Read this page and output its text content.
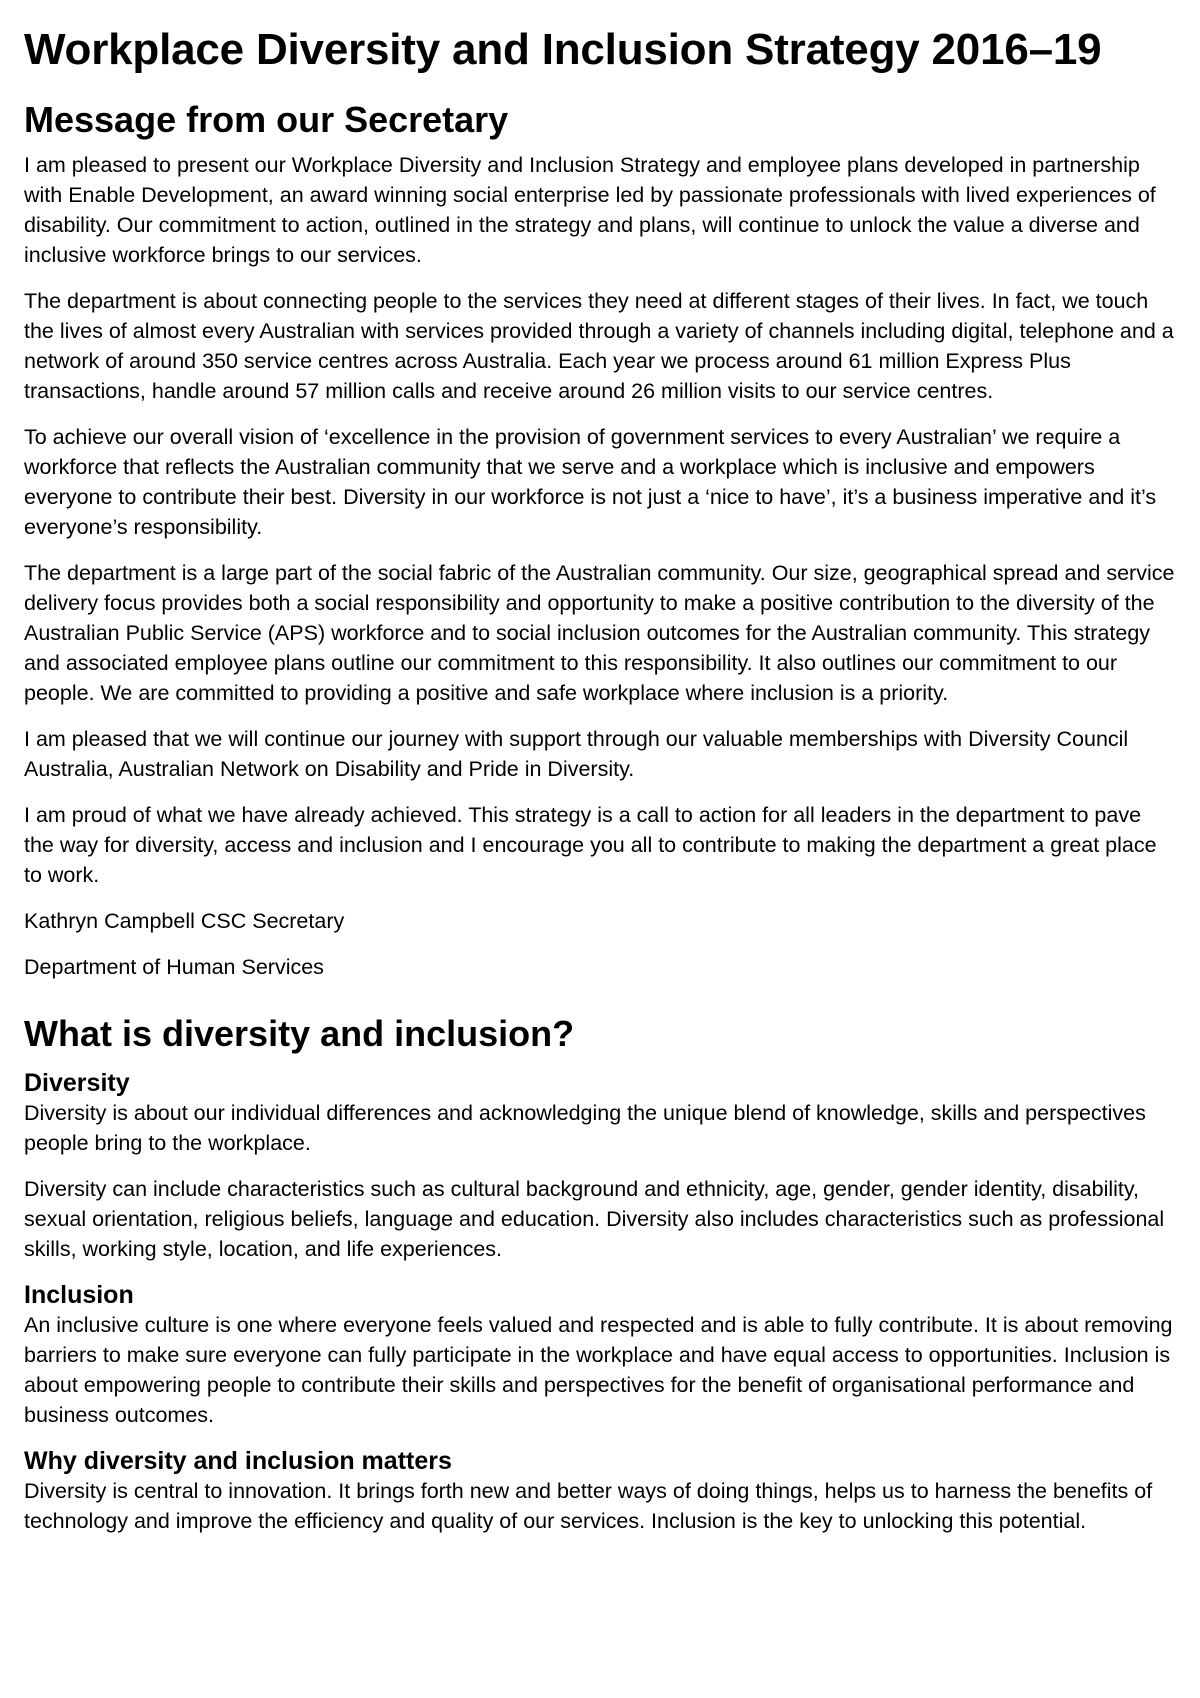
Workplace Diversity and Inclusion Strategy 2016–19
Message from our Secretary

I am pleased to present our Workplace Diversity and Inclusion Strategy and employee plans developed in partnership with Enable Development, an award winning social enterprise led by passionate professionals with lived experiences of disability. Our commitment to action, outlined in the strategy and plans, will continue to unlock the value a diverse and inclusive workforce brings to our services.

The department is about connecting people to the services they need at different stages of their lives. In fact, we touch the lives of almost every Australian with services provided through a variety of channels including digital, telephone and a network of around 350 service centres across Australia. Each year we process around 61 million Express Plus transactions, handle around 57 million calls and receive around 26 million visits to our service centres.

To achieve our overall vision of ‘excellence in the provision of government services to every Australian’ we require a workforce that reflects the Australian community that we serve and a workplace which is inclusive and empowers everyone to contribute their best. Diversity in our workforce is not just a ‘nice to have’, it’s a business imperative and it’s everyone’s responsibility.

The department is a large part of the social fabric of the Australian community. Our size, geographical spread and service delivery focus provides both a social responsibility and opportunity to make a positive contribution to the diversity of the Australian Public Service (APS) workforce and to social inclusion outcomes for the Australian community. This strategy and associated employee plans outline our commitment to this responsibility. It also outlines our commitment to our people. We are committed to providing a positive and safe workplace where inclusion is a priority.

I am pleased that we will continue our journey with support through our valuable memberships with Diversity Council Australia, Australian Network on Disability and Pride in Diversity.

I am proud of what we have already achieved. This strategy is a call to action for all leaders in the department to pave the way for diversity, access and inclusion and I encourage you all to contribute to making the department a great place to work.

Kathryn Campbell CSC Secretary

Department of Human Services

What is diversity and inclusion?
Diversity

Diversity is about our individual differences and acknowledging the unique blend of knowledge, skills and perspectives people bring to the workplace.

Diversity can include characteristics such as cultural background and ethnicity, age, gender, gender identity, disability, sexual orientation, religious beliefs, language and education. Diversity also includes characteristics such as professional skills, working style, location, and life experiences.

Inclusion

An inclusive culture is one where everyone feels valued and respected and is able to fully contribute. It is about removing barriers to make sure everyone can fully participate in the workplace and have equal access to opportunities. Inclusion is about empowering people to contribute their skills and perspectives for the benefit of organisational performance and business outcomes.

Why diversity and inclusion matters

Diversity is central to innovation. It brings forth new and better ways of doing things, helps us to harness the benefits of technology and improve the efficiency and quality of our services. Inclusion is the key to unlocking this potential.
